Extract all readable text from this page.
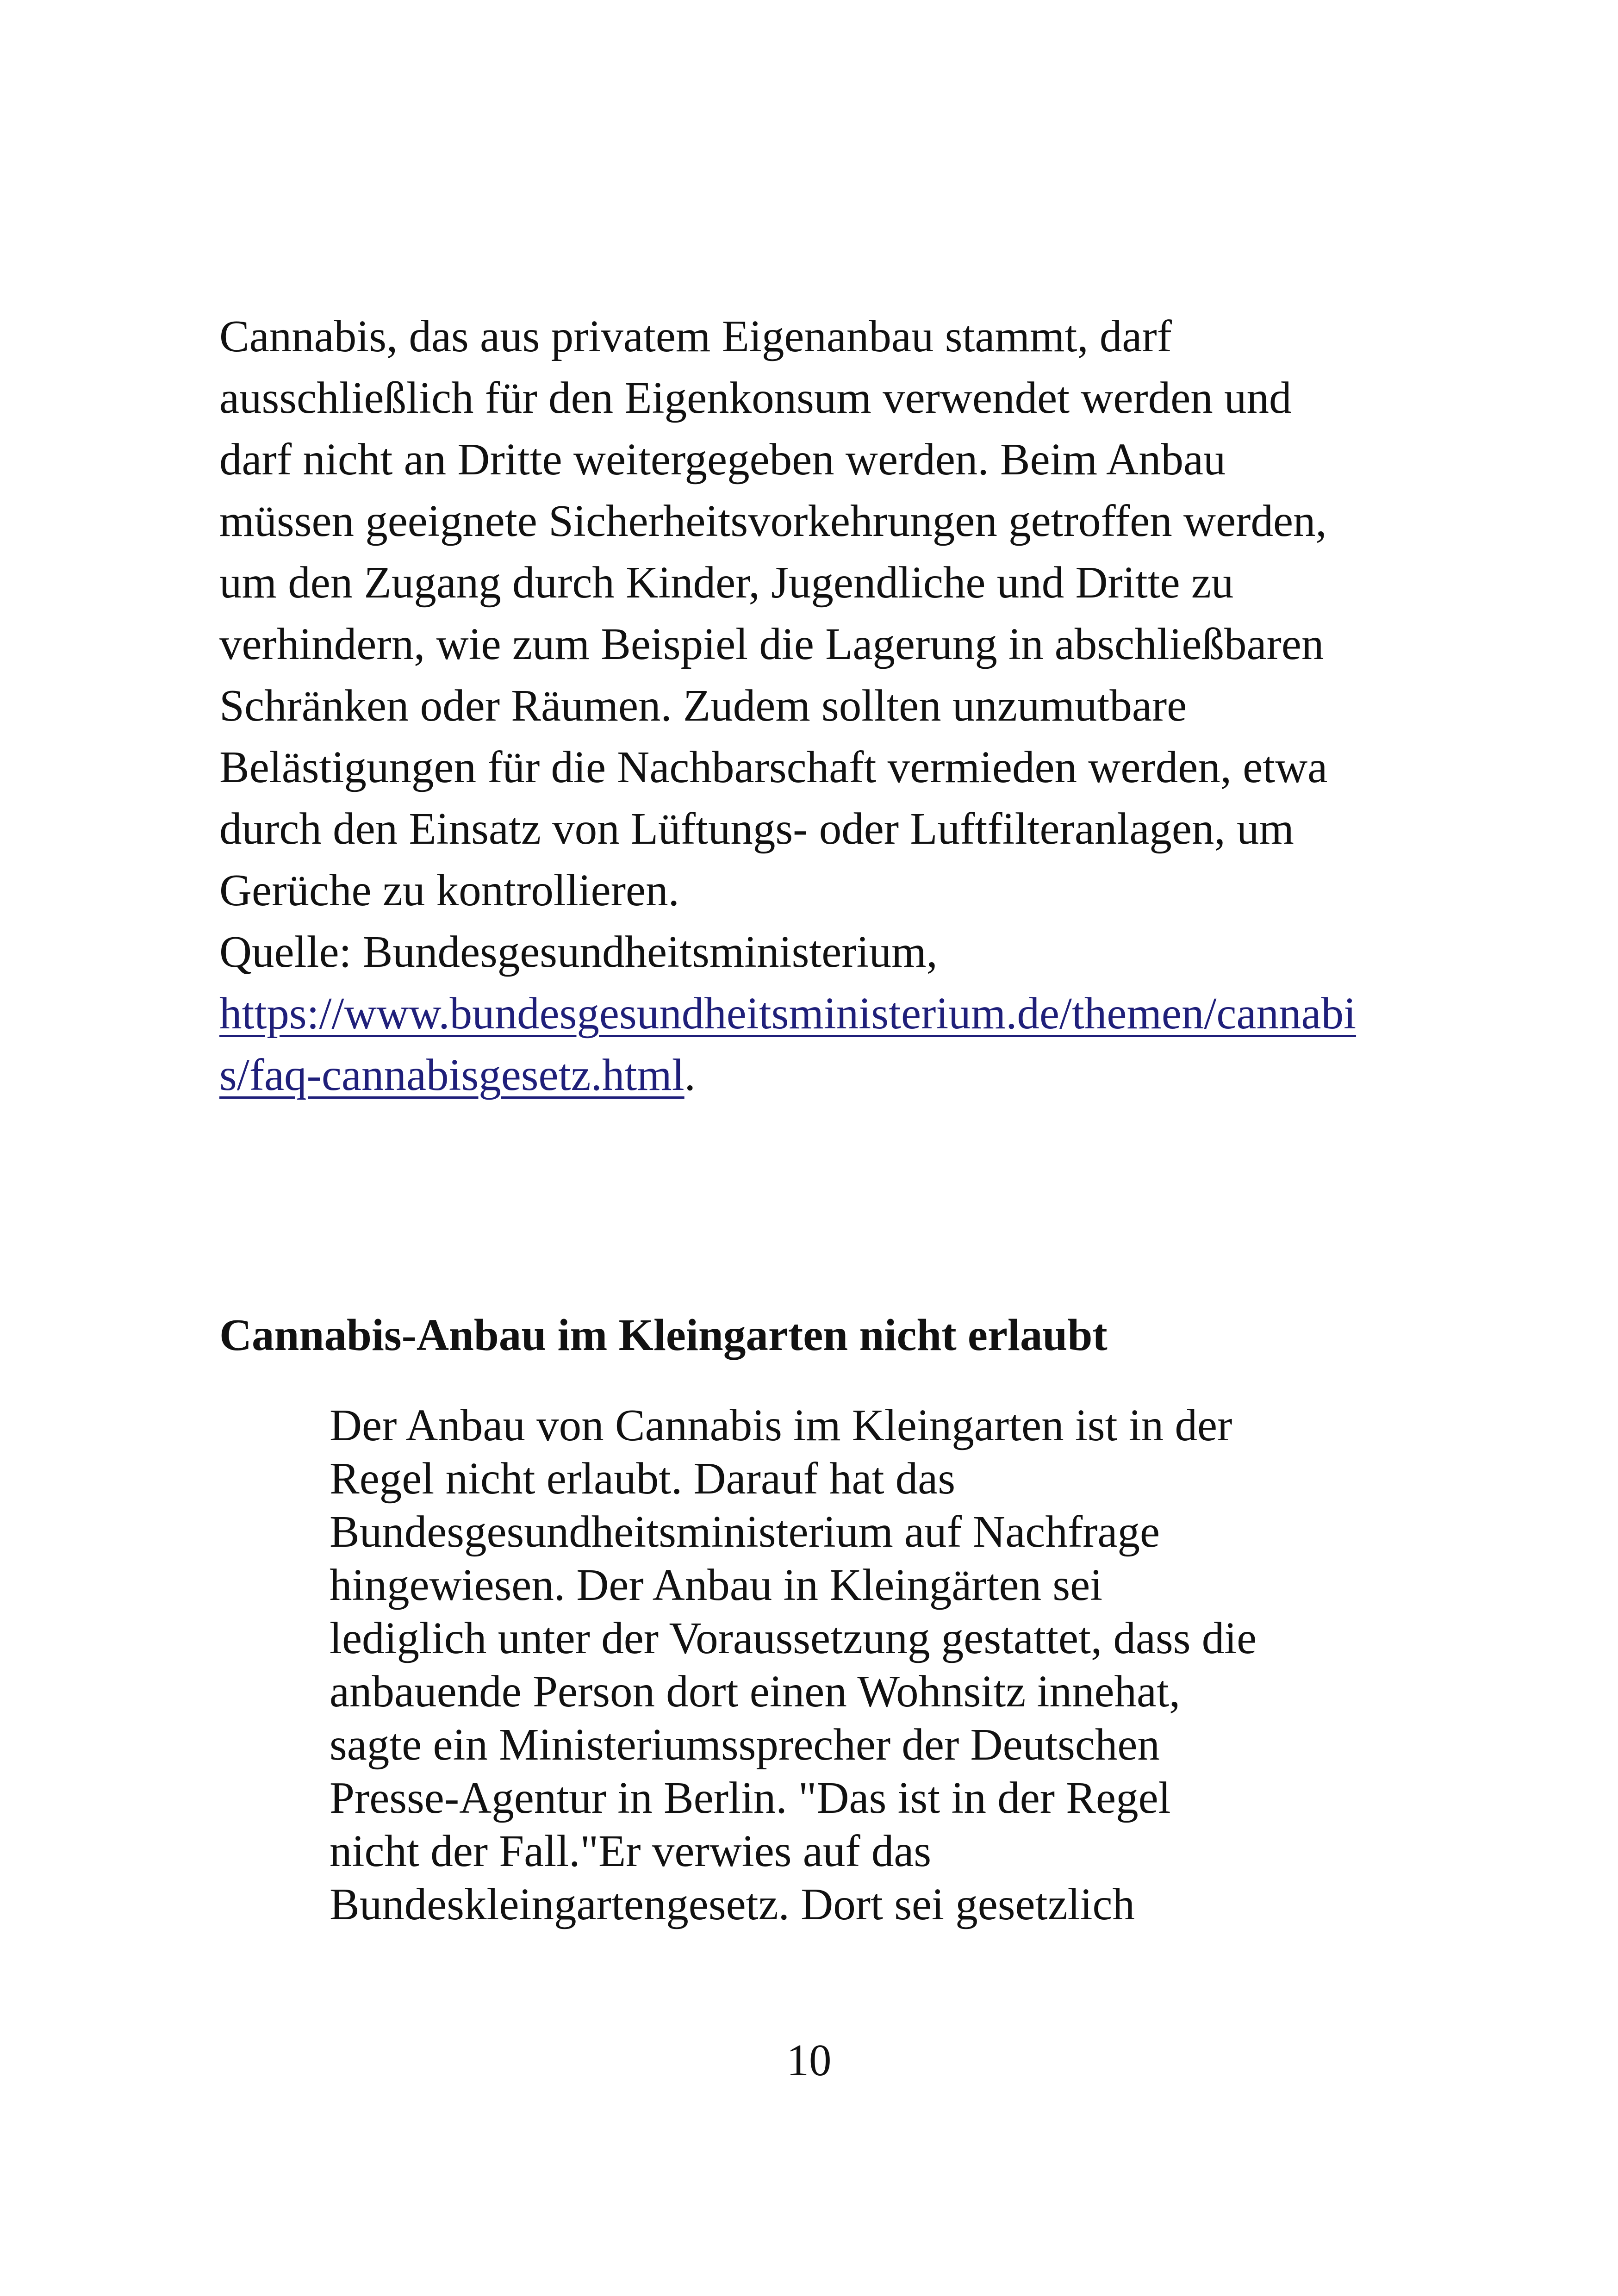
Cannabis, das aus privatem Eigenanbau stammt, darf
ausschließlich für den Eigenkonsum verwendet werden und
darf nicht an Dritte weitergegeben werden. Beim Anbau
müssen geeignete Sicherheitsvorkehrungen getroffen werden,
um den Zugang durch Kinder, Jugendliche und Dritte zu
verhindern, wie zum Beispiel die Lagerung in abschließbaren
Schränken oder Räumen. Zudem sollten unzumutbare
Belästigungen für die Nachbarschaft vermieden werden, etwa
durch den Einsatz von Lüftungs- oder Luftfilteranlagen, um
Gerüche zu kontrollieren.
Quelle: Bundesgesundheitsministerium,
https://www.bundesgesundheitsministerium.de/themen/cannabi
s/faq-cannabisgesetz.html.
Cannabis-Anbau im Kleingarten nicht erlaubt
Der Anbau von Cannabis im Kleingarten ist in der
Regel nicht erlaubt. Darauf hat das
Bundesgesundheitsministerium auf Nachfrage
hingewiesen. Der Anbau in Kleingärten sei
lediglich unter der Voraussetzung gestattet, dass die
anbauende Person dort einen Wohnsitz innehat,
sagte ein Ministeriumssprecher der Deutschen
Presse-Agentur in Berlin. "Das ist in der Regel
nicht der Fall."Er verwies auf das
Bundeskleingartengesetz. Dort sei gesetzlich

10
